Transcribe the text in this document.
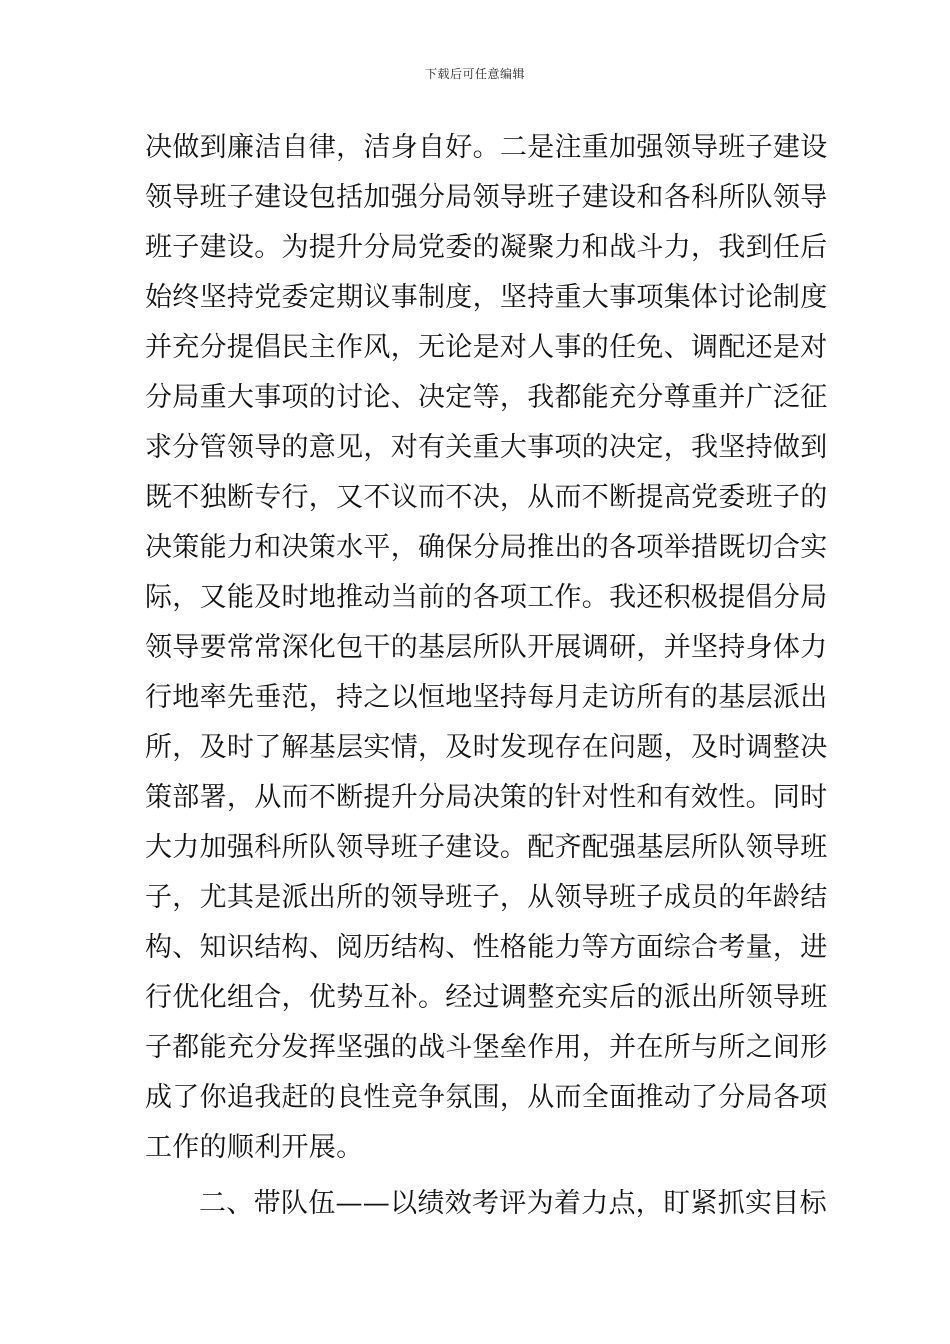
下载后可任意编辑
决做到廉洁自律，洁身自好。二是注重加强领导班子建设
领导班子建设包括加强分局领导班子建设和各科所队领导
班子建设。为提升分局党委的凝聚力和战斗力，我到任后
始终坚持党委定期议事制度，坚持重大事项集体讨论制度
并充分提倡民主作风，无论是对人事的任免、调配还是对
分局重大事项的讨论、决定等，我都能充分尊重并广泛征
求分管领导的意见，对有关重大事项的决定，我坚持做到
既不独断专行，又不议而不决，从而不断提高党委班子的
决策能力和决策水平，确保分局推出的各项举措既切合实
际，又能及时地推动当前的各项工作。我还积极提倡分局
领导要常常深化包干的基层所队开展调研，并坚持身体力
行地率先垂范，持之以恒地坚持每月走访所有的基层派出
所，及时了解基层实情，及时发现存在问题，及时调整决
策部署，从而不断提升分局决策的针对性和有效性。同时
大力加强科所队领导班子建设。配齐配强基层所队领导班
子，尤其是派出所的领导班子，从领导班子成员的年龄结
构、知识结构、阅历结构、性格能力等方面综合考量，进
行优化组合，优势互补。经过调整充实后的派出所领导班
子都能充分发挥坚强的战斗堡垒作用，并在所与所之间形
成了你追我赶的良性竞争氛围，从而全面推动了分局各项
工作的顺利开展。
二、带队伍——以绩效考评为着力点，盯紧抓实目标
